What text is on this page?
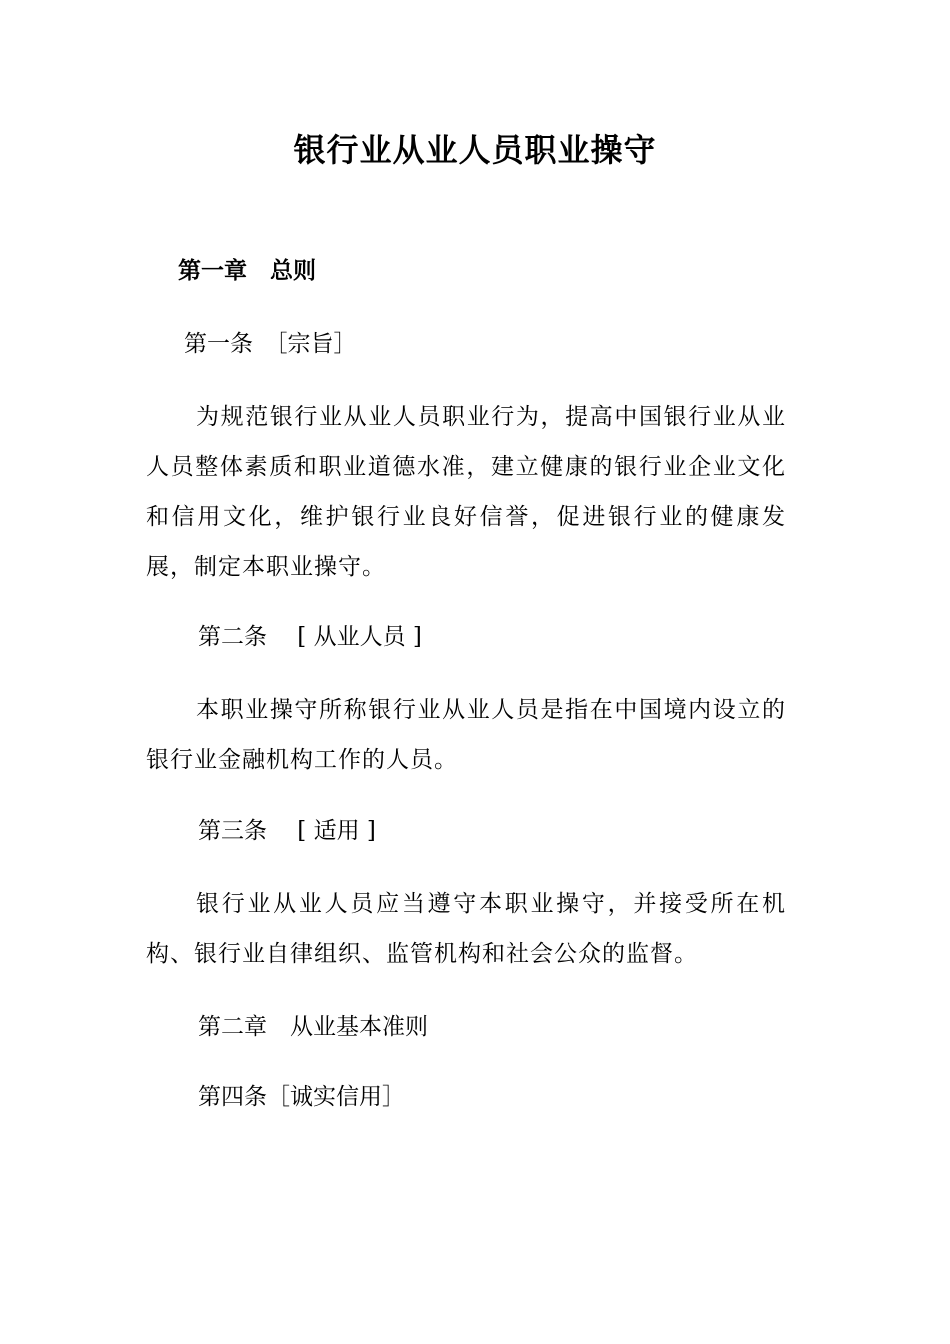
银行业从业人员职业操守
第一章　总则
第一条　［宗旨］

为规范银行业从业人员职业行为，提高中国银行业从业人员整体素质和职业道德水准，建立健康的银行业企业文化和信用文化，维护银行业良好信誉，促进银行业的健康发展，制定本职业操守。

第二条　 [ 从业人员 ]

本职业操守所称银行业从业人员是指在中国境内设立的银行业金融机构工作的人员。

第三条　 [ 适用 ]

银行业从业人员应当遵守本职业操守，并接受所在机构、银行业自律组织、监管机构和社会公众的监督。

第二章　从业基本准则
第四条［诚实信用］
